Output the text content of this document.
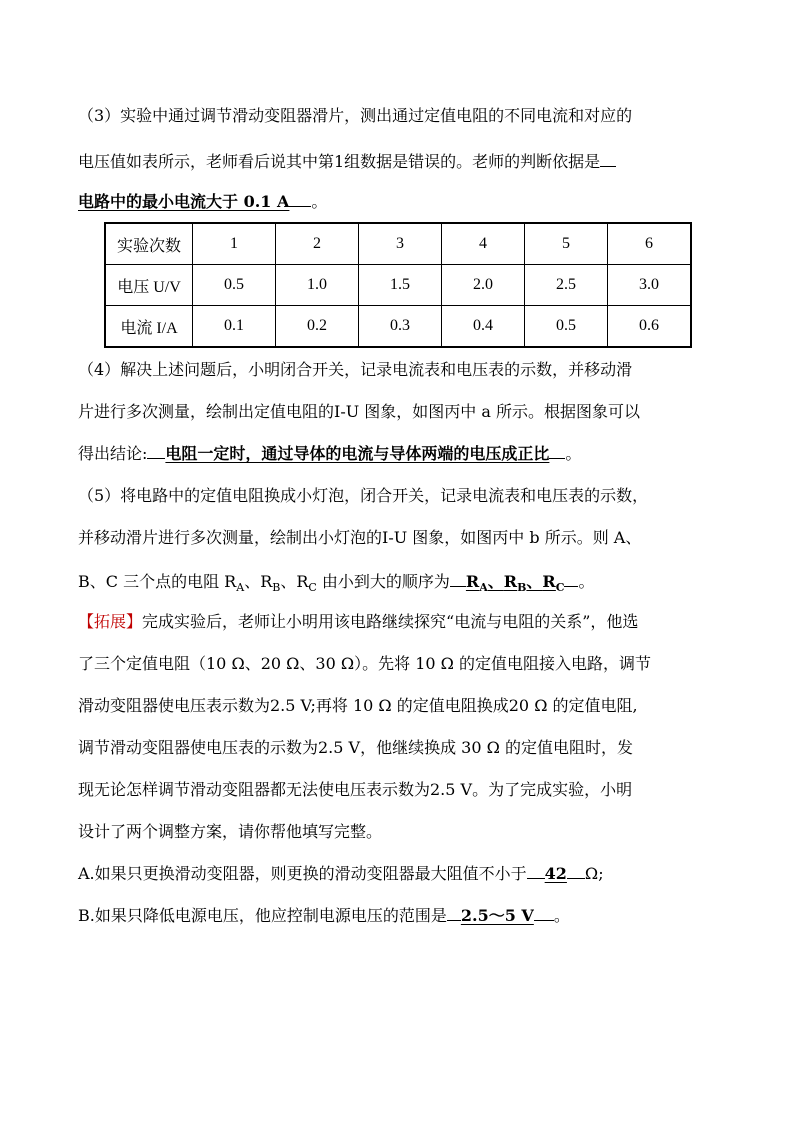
（3）实验中通过调节滑动变阻器滑片，测出通过定值电阻的不同电流和对应的
电压值如表所示，老师看后说其中第1组数据是错误的。老师的判断依据是
电路中的最小电流大于 0.1 A 。
实验次数	1	2	3	4	5	6
电压 U/V	0.5	1.0	1.5	2.0	2.5	3.0
电流 I/A	0.1	0.2	0.3	0.4	0.5	0.6
（4）解决上述问题后，小明闭合开关，记录电流表和电压表的示数，并移动滑
片进行多次测量，绘制出定值电阻的I-U 图象，如图丙中 a 所示。根据图象可以
得出结论: 电阻一定时，通过导体的电流与导体两端的电压成正比 。
（5）将电路中的定值电阻换成小灯泡，闭合开关，记录电流表和电压表的示数，
并移动滑片进行多次测量，绘制出小灯泡的I-U 图象，如图丙中 b 所示。则 A、
B、C 三个点的电阻 $R_A$、$R_B$、$R_C$ 由小到大的顺序为 $R_A$、$R_B$、$R_C$ 。
【拓展】完成实验后，老师让小明用该电路继续探究“电流与电阻的关系”，他选
了三个定值电阻（10 Ω、20 Ω、30 Ω）。先将 10 Ω 的定值电阻接入电路，调节
滑动变阻器使电压表示数为2.5 V;再将 10 Ω 的定值电阻换成20 Ω 的定值电阻,
调节滑动变阻器使电压表的示数为2.5 V，他继续换成 30 Ω 的定值电阻时，发
现无论怎样调节滑动变阻器都无法使电压表示数为2.5 V。为了完成实验，小明
设计了两个调整方案，请你帮他填写完整。
A.如果只更换滑动变阻器，则更换的滑动变阻器最大阻值不小于 42 Ω;
B.如果只降低电源电压，他应控制电源电压的范围是 2.5～5 V 。
